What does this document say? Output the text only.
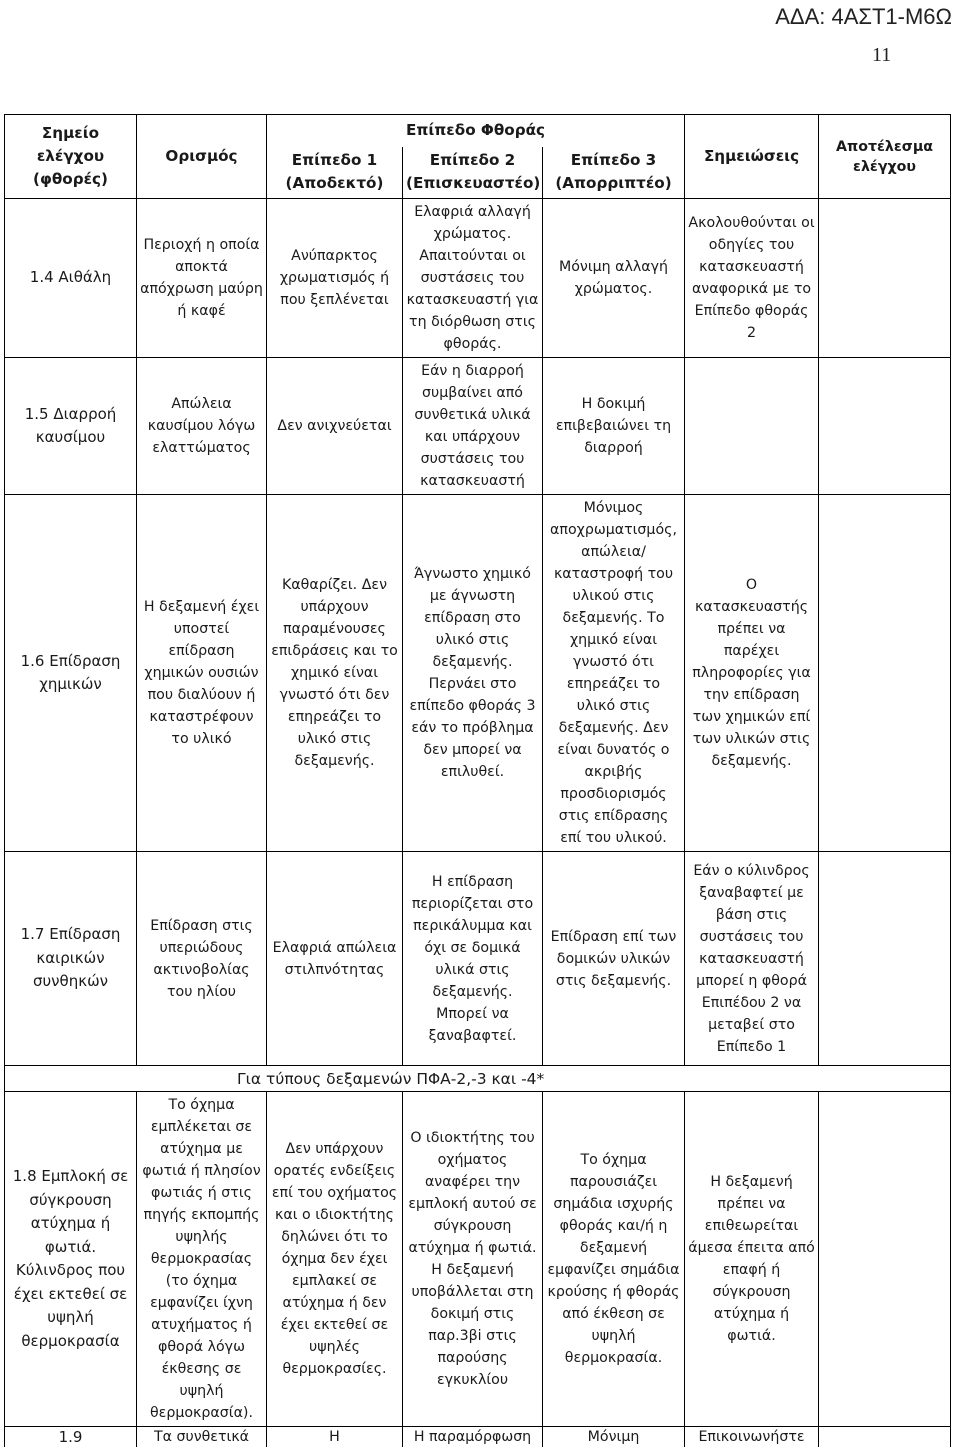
ΑΔΑ: 4ΑΣΤ1-Μ6Ω
11
Σημείο ελέγχου (φθορές)	Ορισμός	Επίπεδο Φθοράς			Σημειώσεις	Αποτέλεσμα ελέγχου
		Επίπεδο 1 (Αποδεκτό)	Επίπεδο 2 (Επισκευαστέο)	Επίπεδο 3 (Απορριπτέο)		
1.4 Αιθάλη	Περιοχή η οποία αποκτά απόχρωση μαύρη ή καφέ	Ανύπαρκτος χρωματισμός ή που ξεπλένεται	Ελαφριά αλλαγή χρώματος. Απαιτούνται οι συστάσεις του κατασκευαστή για τη διόρθωση στις φθοράς.	Μόνιμη αλλαγή χρώματος.	Ακολουθούνται οι οδηγίες του κατασκευαστή αναφορικά με το Επίπεδο φθοράς 2	
1.5 Διαρροή καυσίμου	Απώλεια καυσίμου λόγω ελαττώματος	Δεν ανιχνεύεται	Εάν η διαρροή συμβαίνει από συνθετικά υλικά και υπάρχουν συστάσεις του κατασκευαστή	Η δοκιμή επιβεβαιώνει τη διαρροή		
1.6 Επίδραση χημικών	Η δεξαμενή έχει υποστεί επίδραση χημικών ουσιών που διαλύουν ή καταστρέφουν το υλικό	Καθαρίζει. Δεν υπάρχουν παραμένουσες επιδράσεις και το χημικό είναι γνωστό ότι δεν επηρεάζει το υλικό στις δεξαμενής.	Άγνωστο χημικό με άγνωστη επίδραση στο υλικό στις δεξαμενής. Περνάει στο επίπεδο φθοράς 3 εάν το πρόβλημα δεν μπορεί να επιλυθεί.	Μόνιμος αποχρωματισμός, απώλεια/καταστροφή του υλικού στις δεξαμενής. Το χημικό είναι γνωστό ότι επηρεάζει το υλικό στις δεξαμενής. Δεν είναι δυνατός ο ακριβής προσδιορισμός στις επίδρασης επί του υλικού.	Ο κατασκευαστής πρέπει να παρέχει πληροφορίες για την επίδραση των χημικών επί των υλικών στις δεξαμενής.	
1.7 Επίδραση καιρικών συνθηκών	Επίδραση στις υπεριώδους ακτινοβολίας του ηλίου	Ελαφριά απώλεια στιλπνότητας	Η επίδραση περιορίζεται στο περικάλυμμα και όχι σε δομικά υλικά στις δεξαμενής. Μπορεί να ξαναβαφτεί.	Επίδραση επί των δομικών υλικών στις δεξαμενής.	Εάν ο κύλινδρος ξαναβαφτεί με βάση στις συστάσεις του κατασκευαστή μπορεί η φθορά Επιπέδου 2 να μεταβεί στο Επίπεδο 1	
Για τύπους δεξαμενών ΠΦΑ-2,-3 και -4*						
1.8 Εμπλοκή σε σύγκρουση ατύχημα ή φωτιά. Κύλινδρος που έχει εκτεθεί σε υψηλή θερμοκρασία	Το όχημα εμπλέκεται σε ατύχημα με φωτιά ή πλησίον φωτιάς ή στις πηγής εκπομπής υψηλής θερμοκρασίας (το όχημα εμφανίζει ίχνη ατυχήματος ή φθορά λόγω έκθεσης σε υψηλή θερμοκρασία).	Δεν υπάρχουν ορατές ενδείξεις επί του οχήματος και ο ιδιοκτήτης δηλώνει ότι το όχημα δεν έχει εμπλακεί σε ατύχημα ή δεν έχει εκτεθεί σε υψηλές θερμοκρασίες.	Ο ιδιοκτήτης του οχήματος αναφέρει την εμπλοκή αυτού σε σύγκρουση ατύχημα ή φωτιά. Η δεξαμενή υποβάλλεται στη δοκιμή στις παρ.3βi στις παρούσης εγκυκλίου	Το όχημα παρουσιάζει σημάδια ισχυρής φθοράς και/ή η δεξαμενή εμφανίζει σημάδια κρούσης ή φθοράς από έκθεση σε υψηλή θερμοκρασία.	Η δεξαμενή πρέπει να επιθεωρείται άμεσα έπειτα από επαφή ή σύγκρουση ατύχημα ή φωτιά.	
1.9	Τα συνθετικά	Η	Η παραμόρφωση	Μόνιμη	Επικοινωνήστε	
